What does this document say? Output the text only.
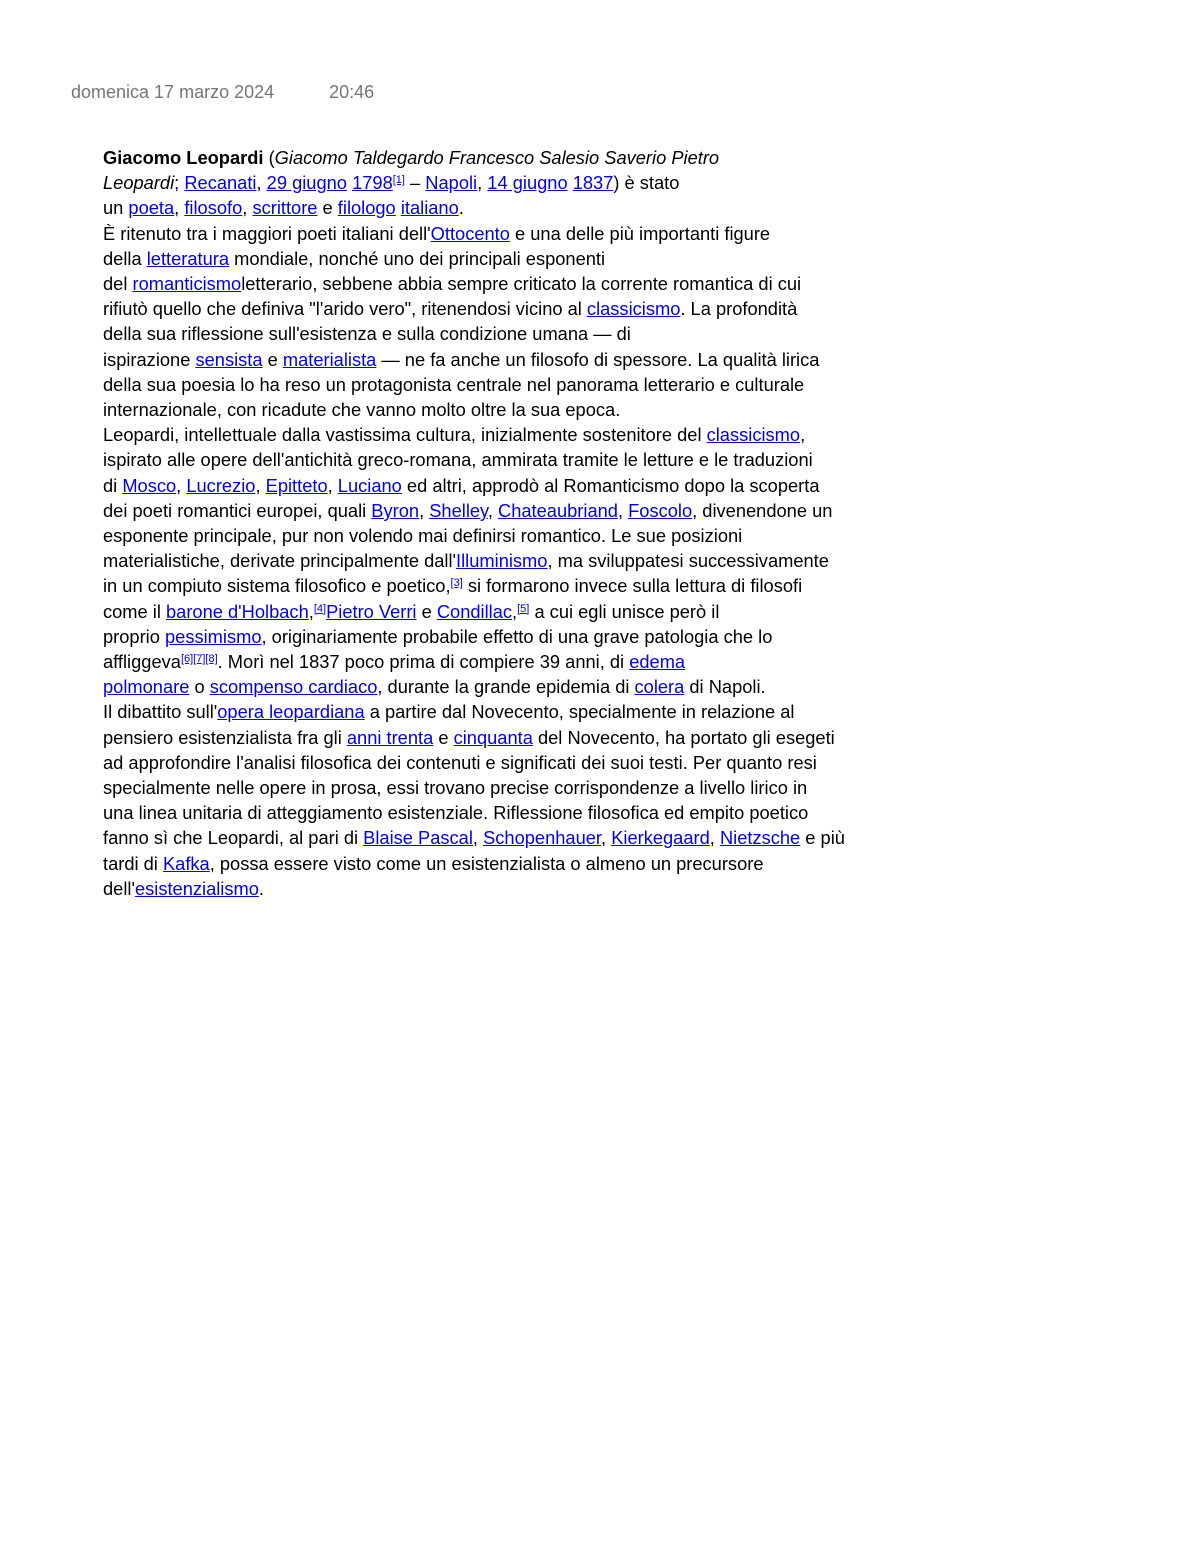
domenica 17 marzo 2024	20:46
Giacomo Leopardi (Giacomo Taldegardo Francesco Salesio Saverio Pietro
Leopardi; Recanati, 29 giugno 1798[1] – Napoli, 14 giugno 1837) è stato
un poeta, filosofo, scrittore e filologo italiano.
È ritenuto tra i maggiori poeti italiani dell'Ottocento e una delle più importanti figure
della letteratura mondiale, nonché uno dei principali esponenti
del romanticismoletterario, sebbene abbia sempre criticato la corrente romantica di cui
rifiutò quello che definiva "l'arido vero", ritenendosi vicino al classicismo. La profondità
della sua riflessione sull'esistenza e sulla condizione umana — di
ispirazione sensista e materialista — ne fa anche un filosofo di spessore. La qualità lirica
della sua poesia lo ha reso un protagonista centrale nel panorama letterario e culturale
internazionale, con ricadute che vanno molto oltre la sua epoca.
Leopardi, intellettuale dalla vastissima cultura, inizialmente sostenitore del classicismo,
ispirato alle opere dell'antichità greco-romana, ammirata tramite le letture e le traduzioni
di Mosco, Lucrezio, Epitteto, Luciano ed altri, approdò al Romanticismo dopo la scoperta
dei poeti romantici europei, quali Byron, Shelley, Chateaubriand, Foscolo, divenendone un
esponente principale, pur non volendo mai definirsi romantico. Le sue posizioni
materialistiche, derivate principalmente dall'Illuminismo, ma sviluppatesi successivamente
in un compiuto sistema filosofico e poetico,[3] si formarono invece sulla lettura di filosofi
come il barone d'Holbach,[4]Pietro Verri e Condillac,[5] a cui egli unisce però il
proprio pessimismo, originariamente probabile effetto di una grave patologia che lo
affliggeva[6][7][8]. Morì nel 1837 poco prima di compiere 39 anni, di edema
polmonare o scompenso cardiaco, durante la grande epidemia di colera di Napoli.
Il dibattito sull'opera leopardiana a partire dal Novecento, specialmente in relazione al
pensiero esistenzialista fra gli anni trenta e cinquanta del Novecento, ha portato gli esegeti
ad approfondire l'analisi filosofica dei contenuti e significati dei suoi testi. Per quanto resi
specialmente nelle opere in prosa, essi trovano precise corrispondenze a livello lirico in
una linea unitaria di atteggiamento esistenziale. Riflessione filosofica ed empito poetico
fanno sì che Leopardi, al pari di Blaise Pascal, Schopenhauer, Kierkegaard, Nietzsche e più
tardi di Kafka, possa essere visto come un esistenzialista o almeno un precursore
dell'esistenzialismo.
